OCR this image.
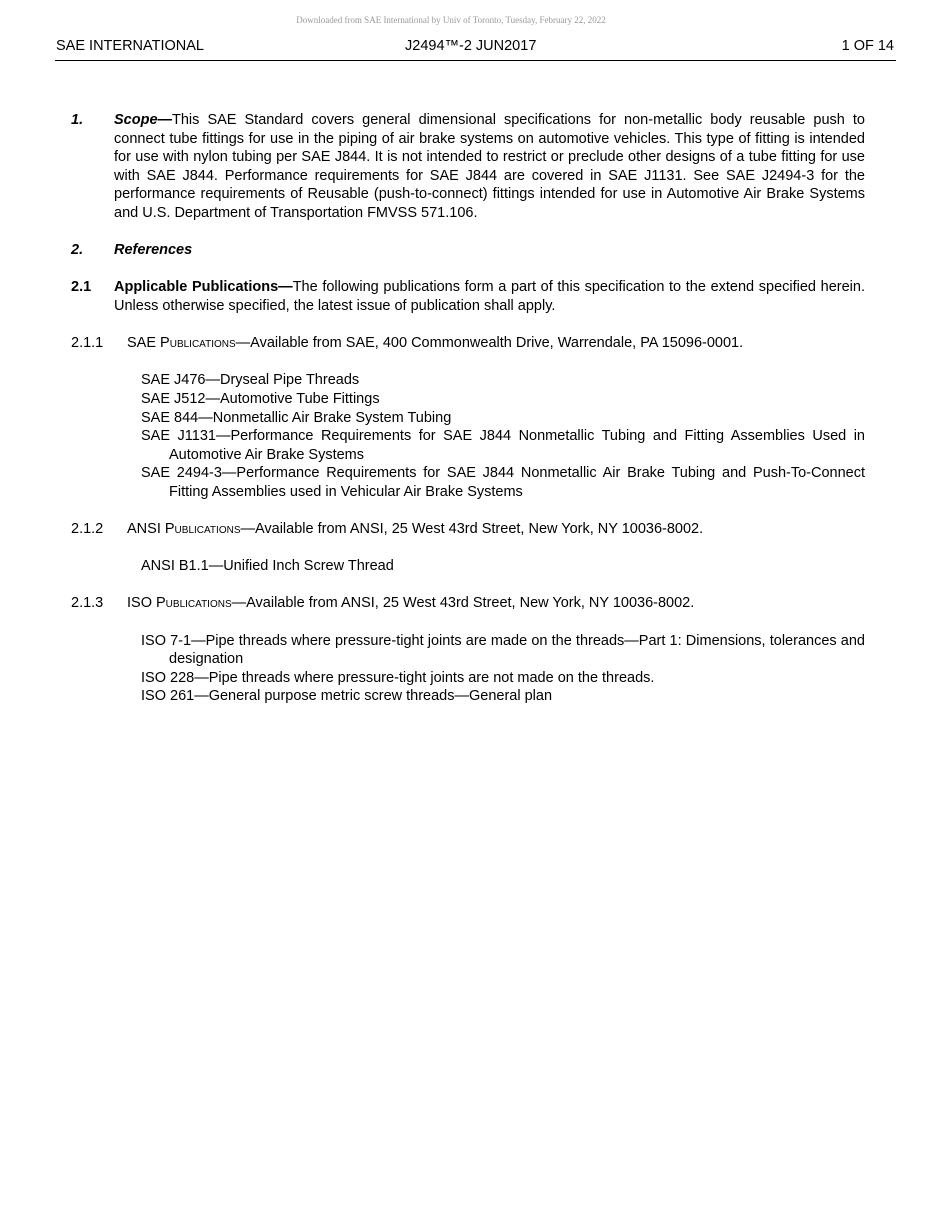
Downloaded from SAE International by Univ of Toronto, Tuesday, February 22, 2022
SAE INTERNATIONAL	J2494™-2 JUN2017	1 OF 14
1.	Scope—This SAE Standard covers general dimensional specifications for non-metallic body reusable push to connect tube fittings for use in the piping of air brake systems on automotive vehicles. This type of fitting is intended for use with nylon tubing per SAE J844. It is not intended to restrict or preclude other designs of a tube fitting for use with SAE J844. Performance requirements for SAE J844 are covered in SAE J1131. See SAE J2494-3 for the performance requirements of Reusable (push-to-connect) fittings intended for use in Automotive Air Brake Systems and U.S. Department of Transportation FMVSS 571.106.
2.	References
2.1	Applicable Publications—The following publications form a part of this specification to the extend specified herein. Unless otherwise specified, the latest issue of publication shall apply.
2.1.1	SAE Publications—Available from SAE, 400 Commonwealth Drive, Warrendale, PA 15096-0001.
SAE J476—Dryseal Pipe Threads
SAE J512—Automotive Tube Fittings
SAE 844—Nonmetallic Air Brake System Tubing
SAE J1131—Performance Requirements for SAE J844 Nonmetallic Tubing and Fitting Assemblies Used in Automotive Air Brake Systems
SAE 2494-3—Performance Requirements for SAE J844 Nonmetallic Air Brake Tubing and Push-To-Connect Fitting Assemblies used in Vehicular Air Brake Systems
2.1.2	ANSI Publications—Available from ANSI, 25 West 43rd Street, New York, NY 10036-8002.
ANSI B1.1—Unified Inch Screw Thread
2.1.3	ISO Publications—Available from ANSI, 25 West 43rd Street, New York, NY 10036-8002.
ISO 7-1—Pipe threads where pressure-tight joints are made on the threads—Part 1: Dimensions, tolerances and designation
ISO 228—Pipe threads where pressure-tight joints are not made on the threads.
ISO 261—General purpose metric screw threads—General plan
